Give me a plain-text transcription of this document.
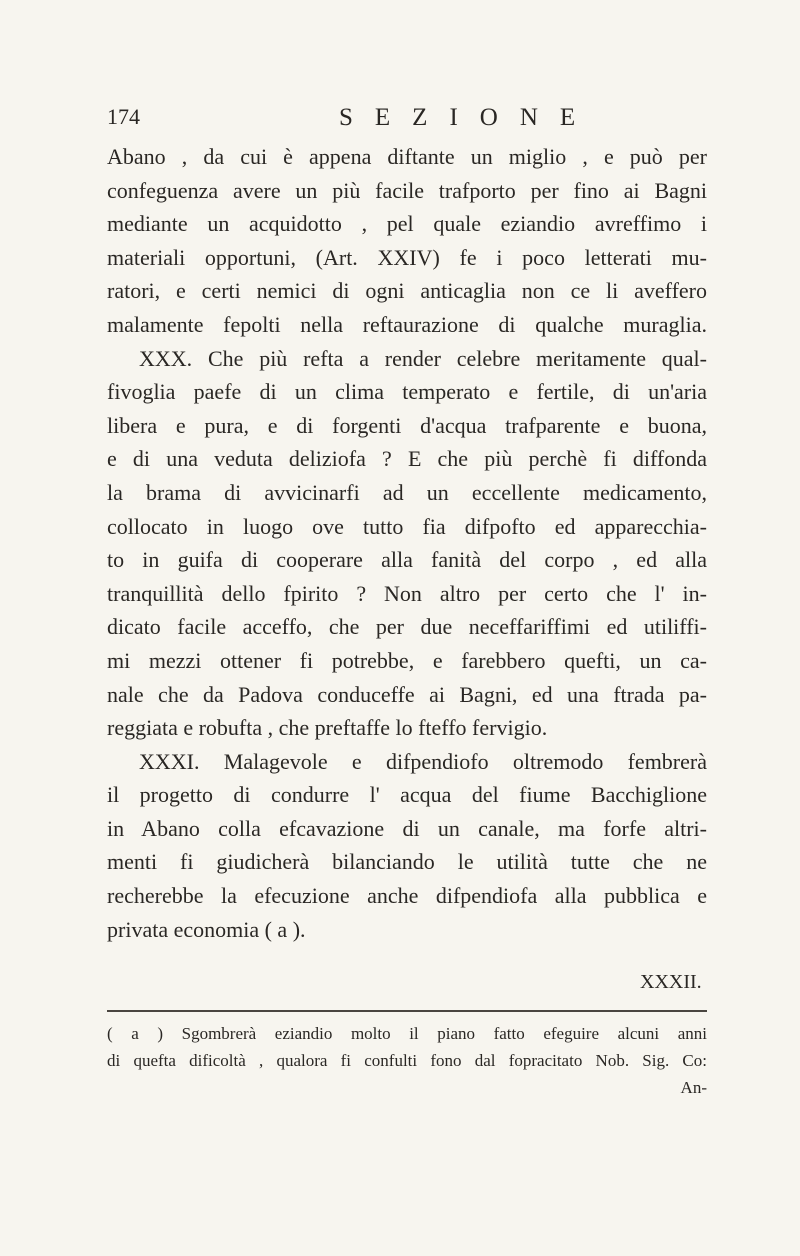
174	SEZIONE
Abano , da cui è appena diftante un miglio , e può per
confeguenza avere un più facile trafporto per fino ai Bagni
mediante un acquidotto , pel quale eziandio avreffimo i
materiali opportuni, (Art. XXIV) fe i poco letterati mu-
ratori, e certi nemici di ogni anticaglia non ce li aveffero
malamente fepolti nella reftaurazione di qualche muraglia.
XXX. Che più refta a render celebre meritamente qual-
fivoglia paefe di un clima temperato e fertile, di un'aria
libera e pura, e di forgenti d'acqua trafparente e buona,
e di una veduta deliziofa ? E che più perchè fi diffonda
la brama di avvicinarfi ad un eccellente medicamento,
collocato in luogo ove tutto fia difpofto ed apparecchia-
to in guifa di cooperare alla fanità del corpo , ed alla
tranquillità dello fpirito ? Non altro per certo che l' in-
dicato facile acceffo, che per due neceffariffimi ed utiliffi-
mi mezzi ottener fi potrebbe, e farebbero quefti, un ca-
nale che da Padova conduceffe ai Bagni, ed una ftrada pa-
reggiata e robufta , che preftaffe lo fteffo fervigio.
XXXI. Malagevole e difpendiofo oltremodo fembrerà
il progetto di condurre l' acqua del fiume Bacchiglione
in Abano colla efcavazione di un canale, ma forfe altri-
menti fi giudicherà bilanciando le utilità tutte che ne
recherebbe la efecuzione anche difpendiofa alla pubblica e
privata economia ( a ).
XXXII.
( a ) Sgombrerà eziandio molto il piano fatto efeguire alcuni anni
di quefta dificoltà , qualora fi confulti fono dal fopracitato Nob. Sig. Co:
An-
